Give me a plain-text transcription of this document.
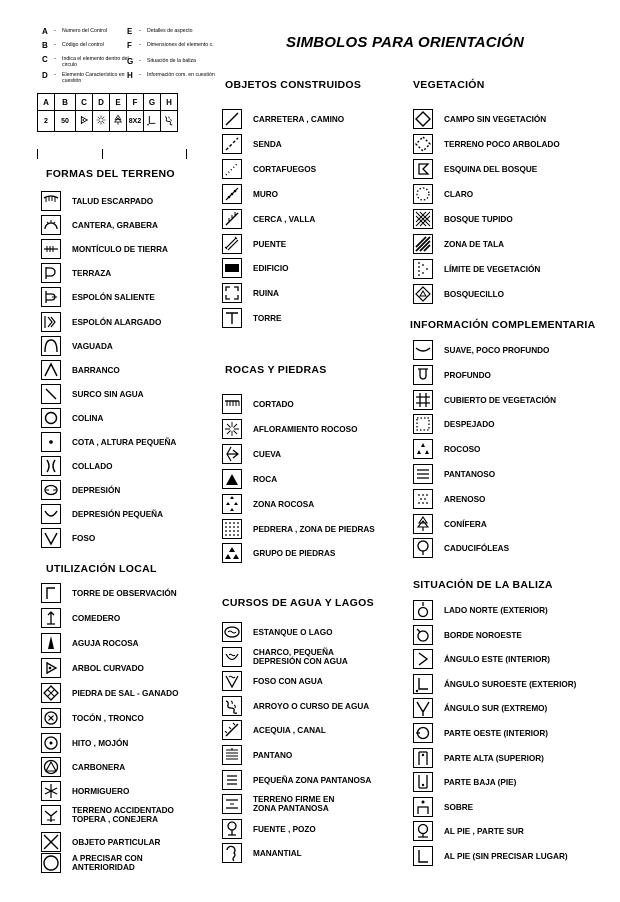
SIMBOLOS PARA ORIENTACIÓN
A	-	Numero del Control
B	-	Código del control
C	-	Indica el elemento dentro del circulo
D	-	Elemento Característico en cuestión
E	-	Detalles de aspecto
F	-	Dimensiones del elemento c.
G -	Situación de la baliza
H	-	Información com. en cuestión
A	B	C	D	E	F	G	H
2	50				8X2		
FORMAS DEL TERRENO
TALUD ESCARPADO
CANTERA, GRABERA
MONTÍCULO DE TIERRA
TERRAZA
ESPOLÓN SALIENTE
ESPOLÓN ALARGADO
VAGUADA
BARRANCO
SURCO SIN AGUA
COLINA
COTA , ALTURA PEQUEÑA
COLLADO
DEPRESIÓN
DEPRESIÓN PEQUEÑA
FOSO
UTILIZACIÓN LOCAL
TORRE DE OBSERVACIÓN
COMEDERO
AGUJA ROCOSA
ARBOL CURVADO
PIEDRA DE SAL - GANADO
TOCÓN , TRONCO
HITO , MOJÓN
CARBONERA
HORMIGUERO
TERRENO ACCIDENTADO
TOPERA , CONEJERA
OBJETO PARTICULAR
A PRECISAR CON
ANTERIORIDAD
OBJETOS CONSTRUIDOS
CARRETERA , CAMINO
SENDA
CORTAFUEGOS
MURO
CERCA , VALLA
PUENTE
EDIFICIO
RUINA
TORRE
ROCAS Y PIEDRAS
CORTADO
AFLORAMIENTO ROCOSO
CUEVA
ROCA
ZONA ROCOSA
PEDRERA , ZONA DE PIEDRAS
GRUPO DE PIEDRAS
CURSOS DE AGUA Y LAGOS
ESTANQUE O LAGO
CHARCO, PEQUEÑA
DEPRESIÓN CON AGUA
FOSO CON AGUA
ARROYO O CURSO DE AGUA
ACEQUIA , CANAL
PANTANO
PEQUEÑA ZONA PANTANOSA
TERRENO FIRME EN
ZONA PANTANOSA
FUENTE , POZO
MANANTIAL
VEGETACIÓN
CAMPO SIN VEGETACIÓN
TERRENO POCO ARBOLADO
ESQUINA DEL BOSQUE
CLARO
BOSQUE TUPIDO
ZONA DE TALA
LÍMITE DE VEGETACIÓN
BOSQUECILLO
INFORMACIÓN COMPLEMENTARIA
SUAVE, POCO PROFUNDO
PROFUNDO
CUBIERTO DE VEGETACIÓN
DESPEJADO
ROCOSO
PANTANOSO
ARENOSO
CONÍFERA
CADUCIFÓLEAS
SITUACIÓN DE LA BALIZA
LADO NORTE (EXTERIOR)
BORDE NOROESTE
ÁNGULO ESTE (INTERIOR)
ÁNGULO SUROESTE (EXTERIOR)
ÁNGULO SUR (EXTREMO)
PARTE OESTE (INTERIOR)
PARTE ALTA (SUPERIOR)
PARTE BAJA (PIE)
SOBRE
AL PIE , PARTE SUR
AL PIE (SIN PRECISAR LUGAR)
